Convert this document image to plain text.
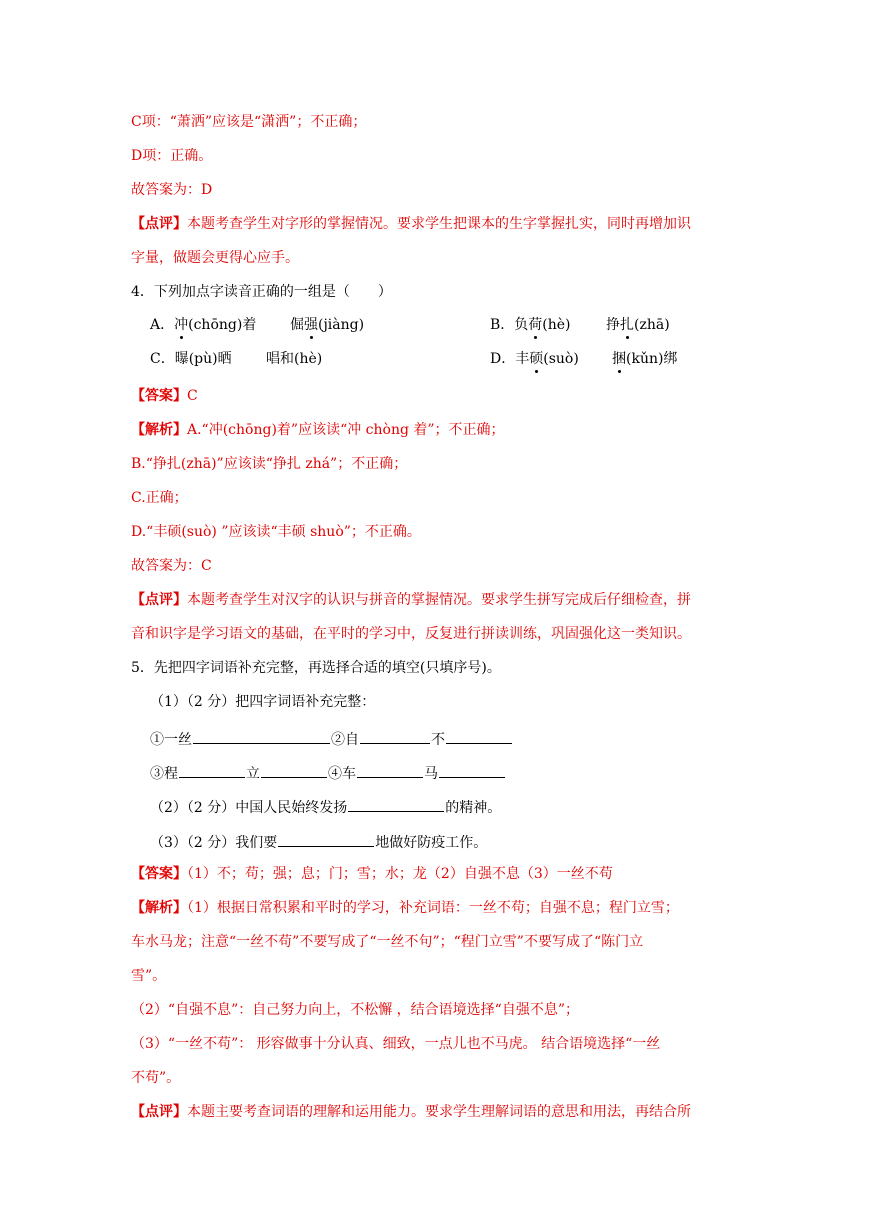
C项：“萧洒”应该是“潇洒”；不正确；
D项：正确。
故答案为：D
【点评】本题考查学生对字形的掌握情况。要求学生把课本的生字掌握扎实，同时再增加识
字量，做题会更得心应手。
4．下列加点字读音正确的一组是（　　）
A．冲(chōng)着 倔强(jiàng)	B．负荷(hè)	挣扎(zhā)
C．曝(pù)晒 唱和(hè)	D．丰硕(suò) 捆(kǔn)绑
【答案】C
【解析】A.“冲(chōng)着”应该读“冲 chòng 着”；不正确；
B.“挣扎(zhā)”应该读“挣扎 zhá”；不正确；
C.正确；
D.“丰硕(suò) ”应该读“丰硕 shuò”；不正确。
故答案为：C
【点评】本题考查学生对汉字的认识与拼音的掌握情况。要求学生拼写完成后仔细检查，拼
音和识字是学习语文的基础，在平时的学习中，反复进行拼读训练，巩固强化这一类知识。
5．先把四字词语补充完整，再选择合适的填空(只填序号)。
（1）（2 分）把四字词语补充完整：
①一丝	②自	不
③程	立	④车	马
（2）（2 分）中国人民始终发扬	的精神。
（3）（2 分）我们要	地做好防疫工作。
【答案】（1）不；苟；强；息；门；雪；水；龙（2）自强不息（3）一丝不苟
【解析】（1）根据日常积累和平时的学习，补充词语：一丝不苟；自强不息；程门立雪；
车水马龙；注意“一丝不苟”不要写成了“一丝不句”；“程门立雪”不要写成了“陈门立
雪”。
（2）“自强不息”：自己努力向上，不松懈 ，结合语境选择“自强不息”；
（3）“一丝不苟”： 形容做事十分认真、细致，一点儿也不马虎。 结合语境选择“一丝
不苟”。
【点评】本题主要考查词语的理解和运用能力。要求学生理解词语的意思和用法，再结合所
